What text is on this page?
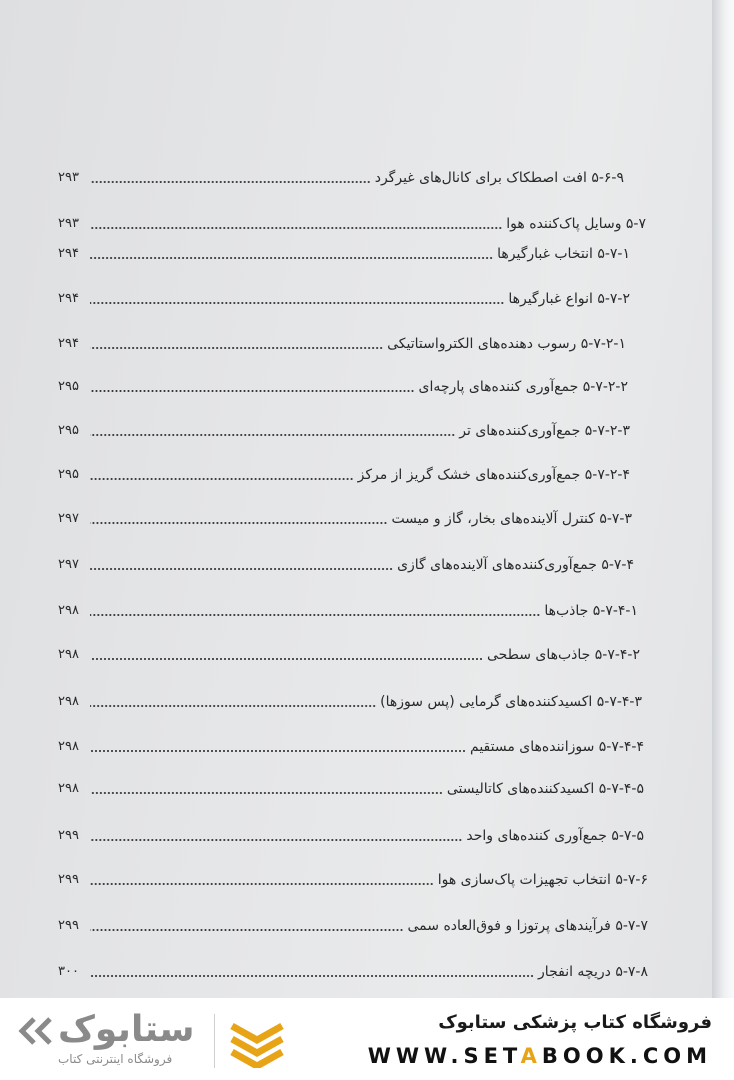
۵-۶-۹ افت اصطکاک برای کانال‌های غیرگرد
۲۹۳
۵-۷ وسایل پاک‌کننده هوا
۲۹۳
۵-۷-۱ انتخاب غبارگیرها
۲۹۴
۵-۷-۲ انواع غبارگیرها
۲۹۴
۵-۷-۲-۱ رسوب دهنده‌های الکترواستاتیکی
۲۹۴
۵-۷-۲-۲ جمع‌آوری کننده‌های پارچه‌ای
۲۹۵
۵-۷-۲-۳ جمع‌آوری‌کننده‌های تر
۲۹۵
۵-۷-۲-۴ جمع‌آوری‌کننده‌های خشک گریز از مرکز
۲۹۵
۵-۷-۳ کنترل آلاینده‌های بخار، گاز و میست
۲۹۷
۵-۷-۴ جمع‌آوری‌کننده‌های آلاینده‌های گازی
۲۹۷
۵-۷-۴-۱ جاذب‌ها
۲۹۸
۵-۷-۴-۲ جاذب‌های سطحی
۲۹۸
۵-۷-۴-۳ اکسیدکننده‌های گرمایی (پس سوزها)
۲۹۸
۵-۷-۴-۴ سوزاننده‌های مستقیم
۲۹۸
۵-۷-۴-۵ اکسیدکننده‌های کاتالیستی
۲۹۸
۵-۷-۵ جمع‌آوری کننده‌های واحد
۲۹۹
۵-۷-۶ انتخاب تجهیزات پاک‌سازی هوا
۲۹۹
۵-۷-۷ فرآیندهای پرتوزا و فوق‌العاده سمی
۲۹۹
۵-۷-۸ دریچه انفجار
۳۰۰
ستابوک
فروشگاه اینترنتی کتاب
فروشگاه کتاب پزشکی ستابوک
WWW.SETABOOK.COM
